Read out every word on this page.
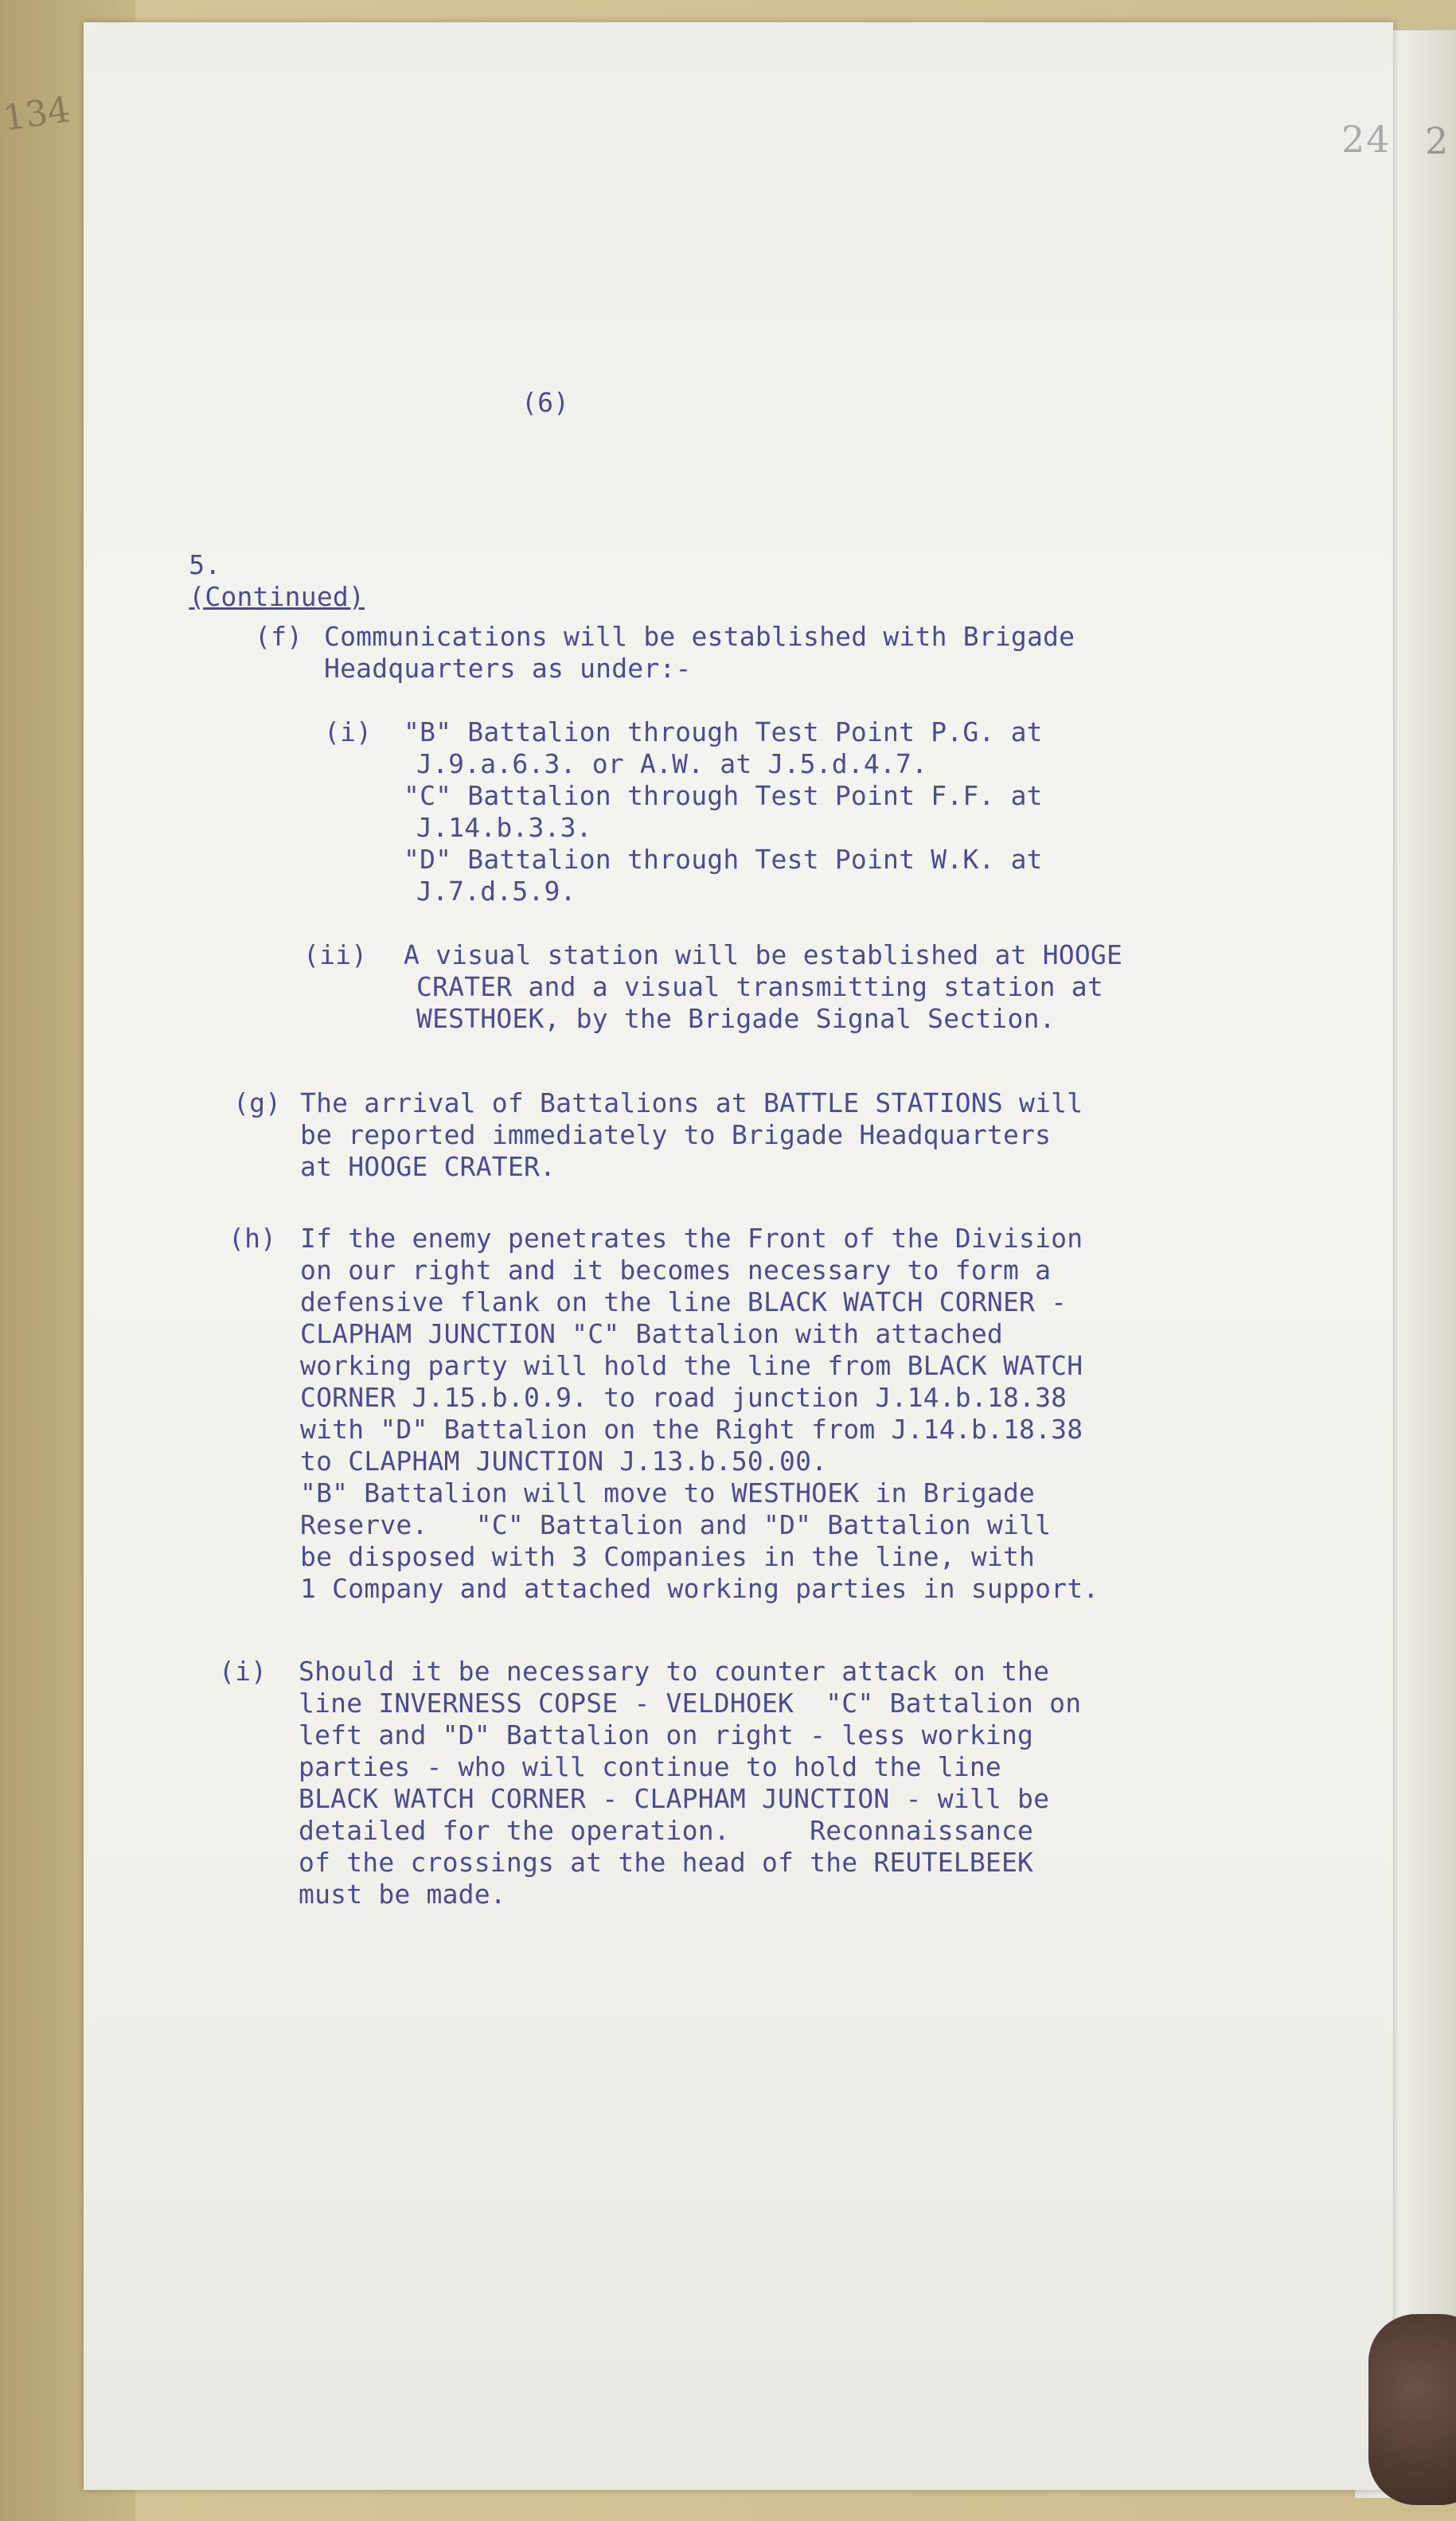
134
2
24
(6)

5.
(Continued)

(f) Communications will be established with Brigade
Headquarters as under:-
(i) "B" Battalion through Test Point P.G. at
J.9.a.6.3. or A.W. at J.5.d.4.7.
"C" Battalion through Test Point F.F. at
J.14.b.3.3.
"D" Battalion through Test Point W.K. at
J.7.d.5.9.
(ii) A visual station will be established at HOOGE
CRATER and a visual transmitting station at
WESTHOEK, by the Brigade Signal Section.
(g) The arrival of Battalions at BATTLE STATIONS will
be reported immediately to Brigade Headquarters
at HOOGE CRATER.
(h) If the enemy penetrates the Front of the Division
on our right and it becomes necessary to form a
defensive flank on the line BLACK WATCH CORNER -
CLAPHAM JUNCTION "C" Battalion with attached
working party will hold the line from BLACK WATCH
CORNER J.15.b.0.9. to road junction J.14.b.18.38
with "D" Battalion on the Right from J.14.b.18.38
to CLAPHAM JUNCTION J.13.b.50.00.
"B" Battalion will move to WESTHOEK in Brigade
Reserve.   "C" Battalion and "D" Battalion will
be disposed with 3 Companies in the line, with
1 Company and attached working parties in support.
(i) Should it be necessary to counter attack on the
line INVERNESS COPSE - VELDHOEK  "C" Battalion on
left and "D" Battalion on right - less working
parties - who will continue to hold the line
BLACK WATCH CORNER - CLAPHAM JUNCTION - will be
detailed for the operation.     Reconnaissance
of the crossings at the head of the REUTELBEEK
must be made.
